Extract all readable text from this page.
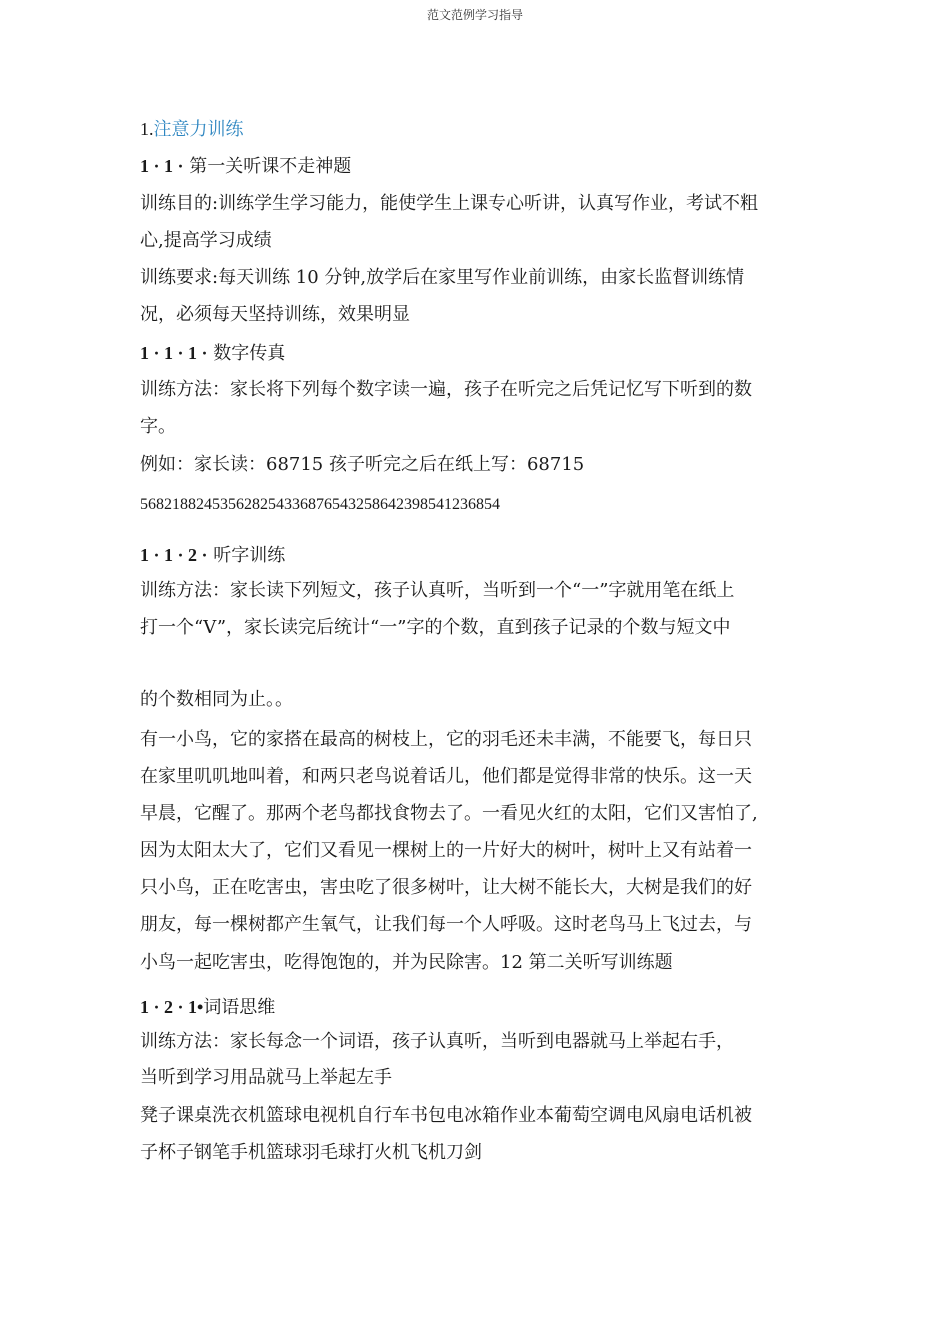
范文范例学习指导
1.注意力训练
1 · 1 · 第一关听课不走神题
训练目的:训练学生学习能力，能使学生上课专心听讲，认真写作业，考试不粗
心,提高学习成绩
训练要求:每天训练 10 分钟,放学后在家里写作业前训练，由家长监督训练情
况，必须每天坚持训练，效果明显
1 · 1 · 1 · 数字传真
训练方法：家长将下列每个数字读一遍，孩子在听完之后凭记忆写下听到的数
字。
例如：家长读：68715 孩子听完之后在纸上写：68715
5682188245356282543368765432586423985412368​54
1 · 1 · 2 · 听字训练
训练方法：家长读下列短文，孩子认真听，当听到一个“一”字就用笔在纸上
打一个“V”，家长读完后统计“一”字的个数，直到孩子记录的个数与短文中
的个数相同为止。。
有一小鸟，它的家搭在最高的树枝上，它的羽毛还未丰满，不能要飞，每日只
在家里叽叽地叫着，和两只老鸟说着话儿，他们都是觉得非常的快乐。这一天
早晨，它醒了。那两个老鸟都找食物去了。一看见火红的太阳，它们又害怕了,
因为太阳太大了，它们又看见一棵树上的一片好大的树叶，树叶上又有站着一
只小鸟，正在吃害虫，害虫吃了很多树叶，让大树不能长大，大树是我们的好
朋友，每一棵树都产生氧气，让我们每一个人呼吸。这时老鸟马上飞过去，与
小鸟一起吃害虫，吃得饱饱的，并为民除害。12 第二关听写训练题
1 · 2 · 1•词语思维
训练方法：家长每念一个词语，孩子认真听，当听到电器就马上举起右手，
当听到学习用品就马上举起左手
凳子课桌洗衣机篮球电视机自行车书包电冰箱作业本葡萄空调电风扇电话机被
子杯子钢笔手机篮球羽毛球打火机飞机刀剑
